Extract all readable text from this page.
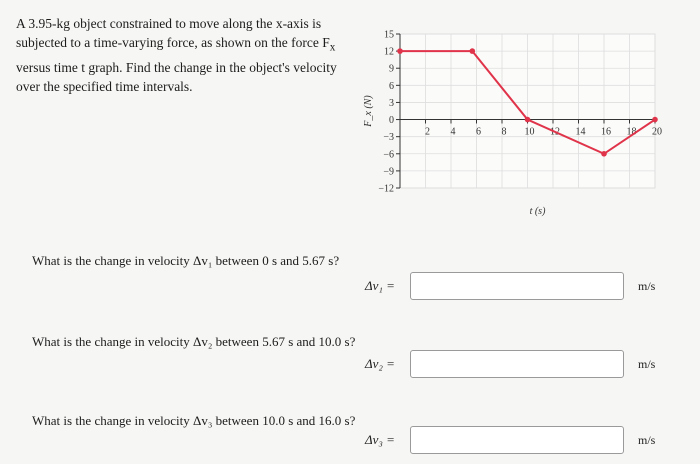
A 3.95-kg object constrained to move along the x-axis is
subjected to a time-varying force, as shown on the force $F_x$
versus time t graph. Find the change in the object's velocity
over the specified time intervals.
15
12
9
6
3
0
−3
−6
−9
−12
2 4 6 8 10 12 14 16 18 20
F_x (N)
t (s)
What is the change in velocity Δv₁ between 0 s and 5.67 s?
Δv₁ =	m/s
What is the change in velocity Δv₂ between 5.67 s and 10.0 s?
Δv₂ =	m/s
What is the change in velocity Δv₃ between 10.0 s and 16.0 s?
Δv₃ =	m/s
